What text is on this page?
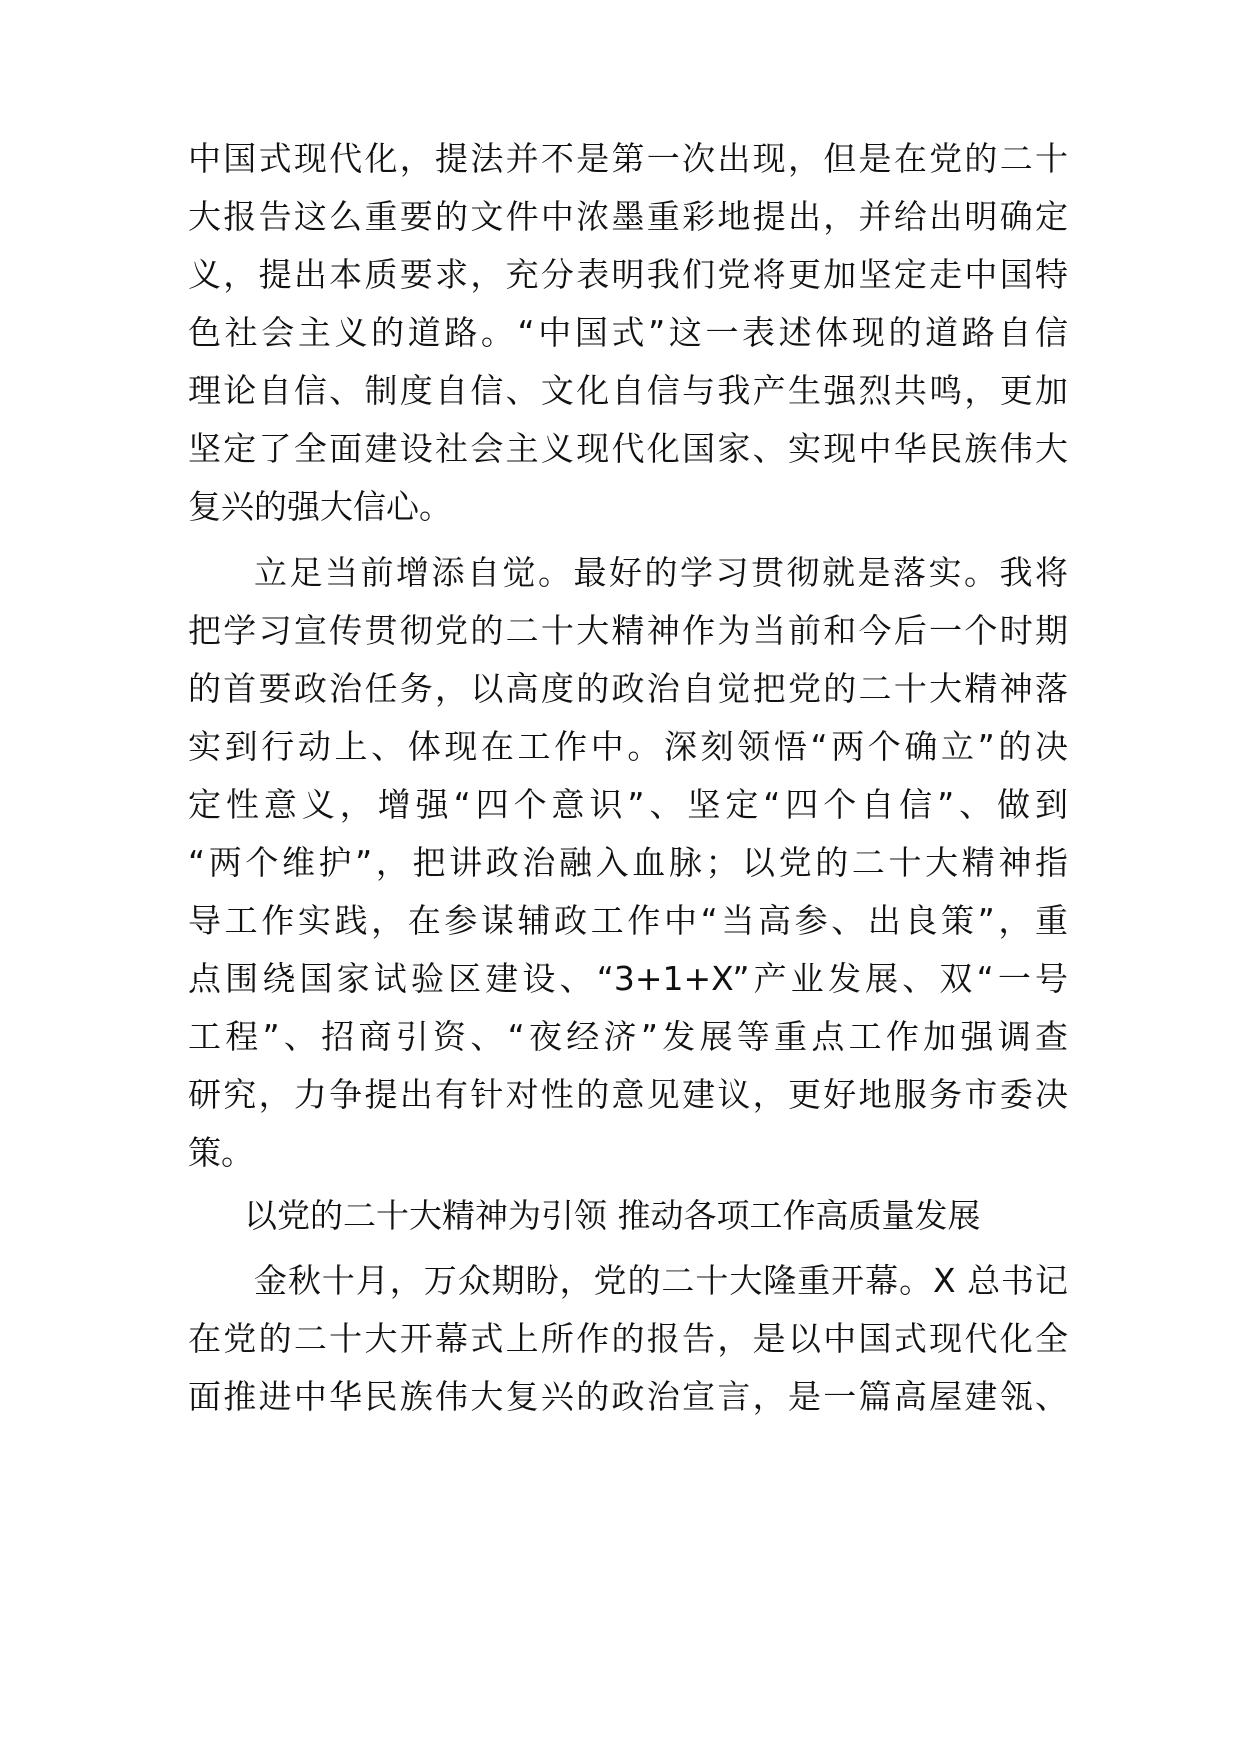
中国式现代化，提法并不是第一次出现，但是在党的二十
大报告这么重要的文件中浓墨重彩地提出，并给出明确定
义，提出本质要求，充分表明我们党将更加坚定走中国特
色社会主义的道路。“中国式”这一表述体现的道路自信
理论自信、制度自信、文化自信与我产生强烈共鸣，更加
坚定了全面建设社会主义现代化国家、实现中华民族伟大
复兴的强大信心。
立足当前增添自觉。最好的学习贯彻就是落实。我将
把学习宣传贯彻党的二十大精神作为当前和今后一个时期
的首要政治任务，以高度的政治自觉把党的二十大精神落
实到行动上、体现在工作中。深刻领悟“两个确立”的决
定性意义，增强“四个意识”、坚定“四个自信”、做到
“两个维护”，把讲政治融入血脉；以党的二十大精神指
导工作实践，在参谋辅政工作中“当高参、出良策”，重
点围绕国家试验区建设、“3+1+X”产业发展、双“一号
工程”、招商引资、“夜经济”发展等重点工作加强调查
研究，力争提出有针对性的意见建议，更好地服务市委决
策。
以党的二十大精神为引领 推动各项工作高质量发展
金秋十月，万众期盼，党的二十大隆重开幕。X 总书记
在党的二十大开幕式上所作的报告，是以中国式现代化全
面推进中华民族伟大复兴的政治宣言，是一篇高屋建瓴、
